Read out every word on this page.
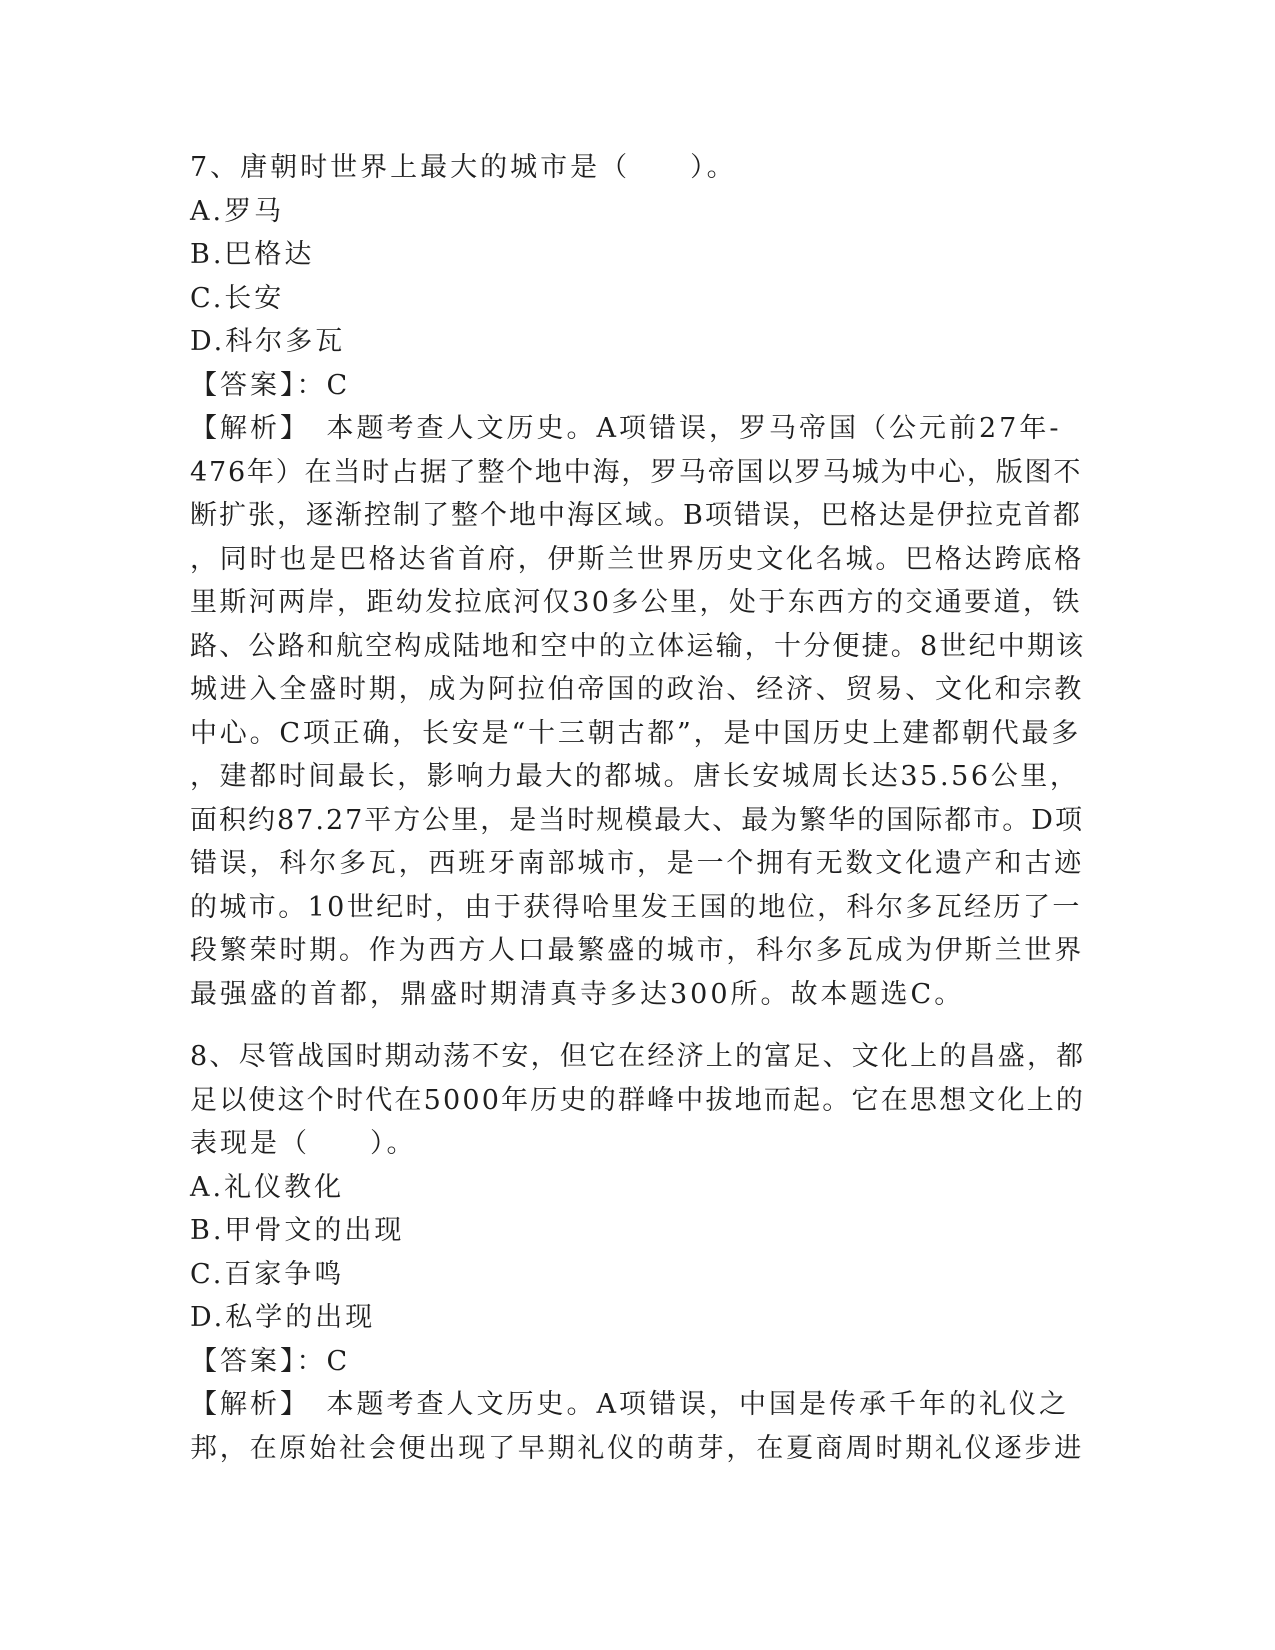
7、唐朝时世界上最大的城市是（　　）。
A.罗马
B.巴格达
C.长安
D.科尔多瓦
【答案】：C
【解析】　本题考查人文历史。A项错误，罗马帝国（公元前27年-
476年）在当时占据了整个地中海，罗马帝国以罗马城为中心，版图不
断扩张，逐渐控制了整个地中海区域。B项错误，巴格达是伊拉克首都
，同时也是巴格达省首府，伊斯兰世界历史文化名城。巴格达跨底格
里斯河两岸，距幼发拉底河仅30多公里，处于东西方的交通要道，铁
路、公路和航空构成陆地和空中的立体运输，十分便捷。8世纪中期该
城进入全盛时期，成为阿拉伯帝国的政治、经济、贸易、文化和宗教
中心。C项正确，长安是“十三朝古都”，是中国历史上建都朝代最多
，建都时间最长，影响力最大的都城。唐长安城周长达35.56公里，
面积约87.27平方公里，是当时规模最大、最为繁华的国际都市。D项
错误，科尔多瓦，西班牙南部城市，是一个拥有无数文化遗产和古迹
的城市。10世纪时，由于获得哈里发王国的地位，科尔多瓦经历了一
段繁荣时期。作为西方人口最繁盛的城市，科尔多瓦成为伊斯兰世界
最强盛的首都，鼎盛时期清真寺多达300所。故本题选C。
8、尽管战国时期动荡不安，但它在经济上的富足、文化上的昌盛，都
足以使这个时代在5000年历史的群峰中拔地而起。它在思想文化上的
表现是（　　）。
A.礼仪教化
B.甲骨文的出现
C.百家争鸣
D.私学的出现
【答案】：C
【解析】　本题考查人文历史。A项错误，中国是传承千年的礼仪之
邦，在原始社会便出现了早期礼仪的萌芽，在夏商周时期礼仪逐步进
